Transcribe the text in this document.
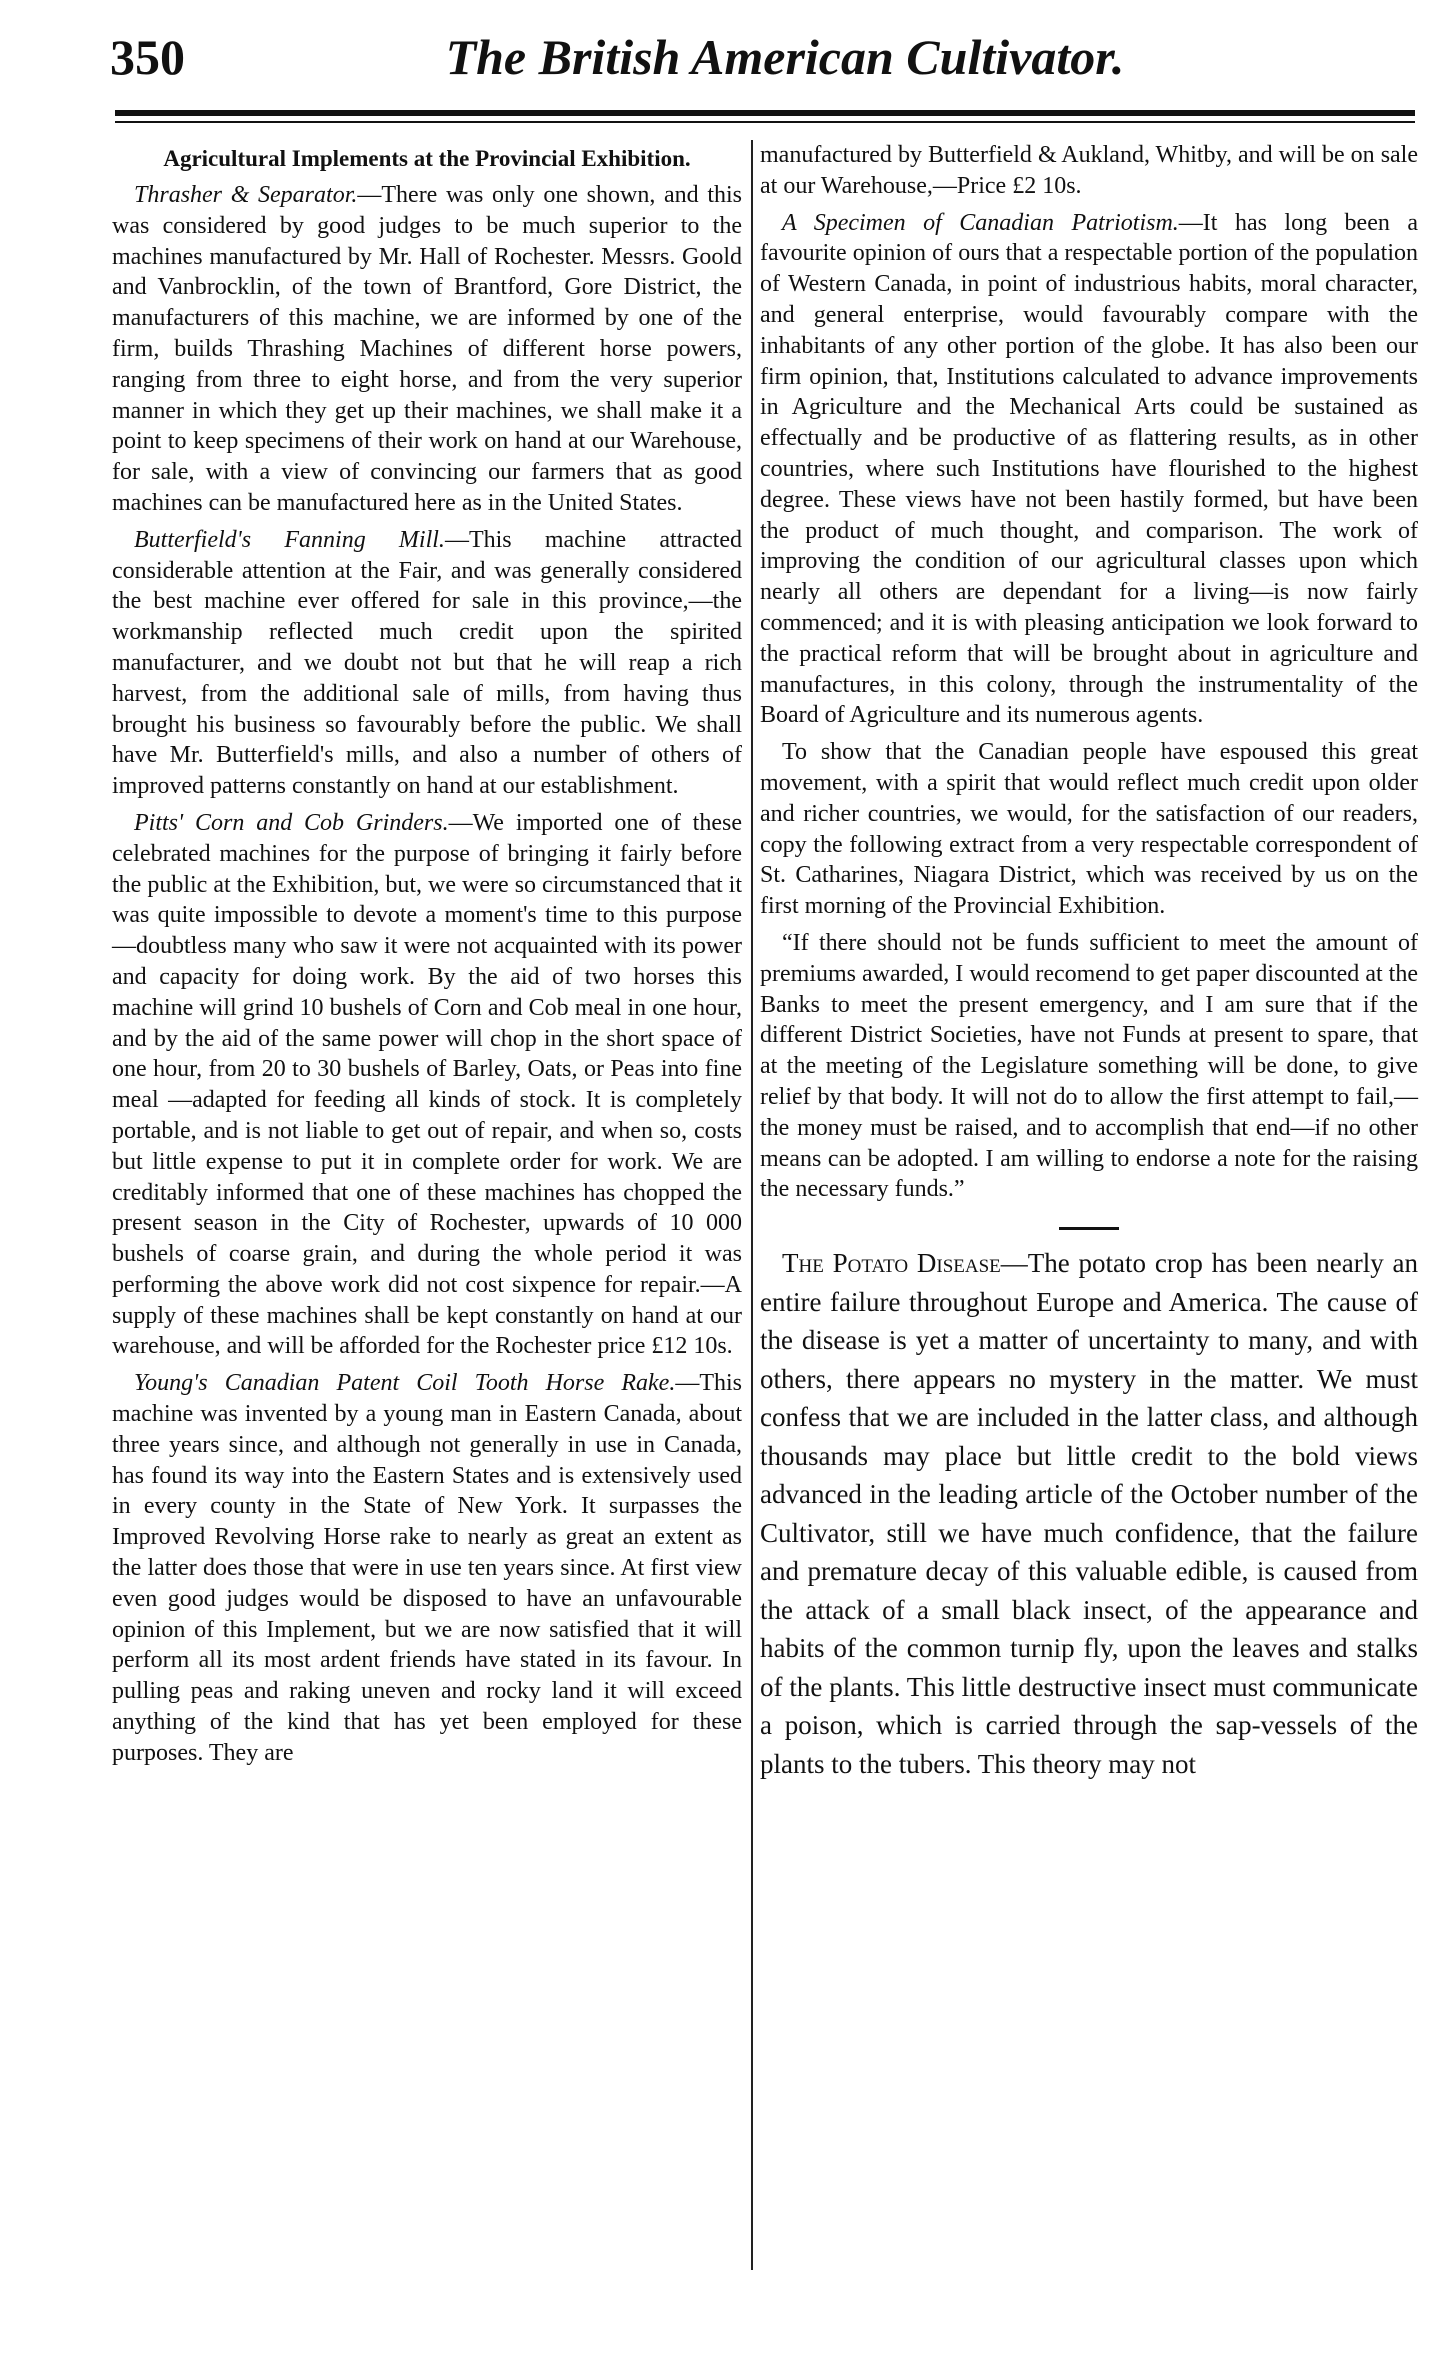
350	The British American Cultivator.

Agricultural Implements at the Provincial Exhibition.

Thrasher & Separator.—There was only one shown, and this was considered by good judges to be much superior to the machines manufactured by Mr. Hall of Rochester. Messrs. Goold and Vanbrocklin, of the town of Brantford, Gore District, the manufacturers of this machine, we are informed by one of the firm, builds Thrashing Machines of different horse powers, ranging from three to eight horse, and from the very superior manner in which they get up their machines, we shall make it a point to keep specimens of their work on hand at our Warehouse, for sale, with a view of convincing our farmers that as good machines can be manufactured here as in the United States.

Butterfield's Fanning Mill.—This machine attracted considerable attention at the Fair, and was generally considered the best machine ever offered for sale in this province,—the workmanship reflected much credit upon the spirited manufacturer, and we doubt not but that he will reap a rich harvest, from the additional sale of mills, from having thus brought his business so favourably before the public. We shall have Mr. Butterfield's mills, and also a number of others of improved patterns constantly on hand at our establishment.

Pitts' Corn and Cob Grinders.—We imported one of these celebrated machines for the purpose of bringing it fairly before the public at the Exhibition, but, we were so circumstanced that it was quite impossible to devote a moment's time to this purpose—doubtless many who saw it were not acquainted with its power and capacity for doing work. By the aid of two horses this machine will grind 10 bushels of Corn and Cob meal in one hour, and by the aid of the same power will chop in the short space of one hour, from 20 to 30 bushels of Barley, Oats, or Peas into fine meal —adapted for feeding all kinds of stock. It is completely portable, and is not liable to get out of repair, and when so, costs but little expense to put it in complete order for work. We are creditably informed that one of these machines has chopped the present season in the City of Rochester, upwards of 10 000 bushels of coarse grain, and during the whole period it was performing the above work did not cost sixpence for repair.—A supply of these machines shall be kept constantly on hand at our warehouse, and will be afforded for the Rochester price £12 10s.

Young's Canadian Patent Coil Tooth Horse Rake.—This machine was invented by a young man in Eastern Canada, about three years since, and although not generally in use in Canada, has found its way into the Eastern States and is extensively used in every county in the State of New York. It surpasses the Improved Revolving Horse rake to nearly as great an extent as the latter does those that were in use ten years since. At first view even good judges would be disposed to have an unfavourable opinion of this Implement, but we are now satisfied that it will perform all its most ardent friends have stated in its favour. In pulling peas and raking uneven and rocky land it will exceed anything of the kind that has yet been employed for these purposes. They are

manufactured by Butterfield & Aukland, Whitby, and will be on sale at our Warehouse,—Price £2 10s.

A Specimen of Canadian Patriotism.—It has long been a favourite opinion of ours that a respectable portion of the population of Western Canada, in point of industrious habits, moral character, and general enterprise, would favourably compare with the inhabitants of any other portion of the globe. It has also been our firm opinion, that, Institutions calculated to advance improvements in Agriculture and the Mechanical Arts could be sustained as effectually and be productive of as flattering results, as in other countries, where such Institutions have flourished to the highest degree. These views have not been hastily formed, but have been the product of much thought, and comparison. The work of improving the condition of our agricultural classes upon which nearly all others are dependant for a living—is now fairly commenced; and it is with pleasing anticipation we look forward to the practical reform that will be brought about in agriculture and manufactures, in this colony, through the instrumentality of the Board of Agriculture and its numerous agents.

To show that the Canadian people have espoused this great movement, with a spirit that would reflect much credit upon older and richer countries, we would, for the satisfaction of our readers, copy the following extract from a very respectable correspondent of St. Catharines, Niagara District, which was received by us on the first morning of the Provincial Exhibition.

“If there should not be funds sufficient to meet the amount of premiums awarded, I would recomend to get paper discounted at the Banks to meet the present emergency, and I am sure that if the different District Societies, have not Funds at present to spare, that at the meeting of the Legislature something will be done, to give relief by that body. It will not do to allow the first attempt to fail,—the money must be raised, and to accomplish that end—if no other means can be adopted. I am willing to endorse a note for the raising the necessary funds.”

The Potato Disease—The potato crop has been nearly an entire failure throughout Europe and America. The cause of the disease is yet a matter of uncertainty to many, and with others, there appears no mystery in the matter. We must confess that we are included in the latter class, and although thousands may place but little credit to the bold views advanced in the leading article of the October number of the Cultivator, still we have much confidence, that the failure and premature decay of this valuable edible, is caused from the attack of a small black insect, of the appearance and habits of the common turnip fly, upon the leaves and stalks of the plants. This little destructive insect must communicate a poison, which is carried through the sap-vessels of the plants to the tubers. This theory may not
